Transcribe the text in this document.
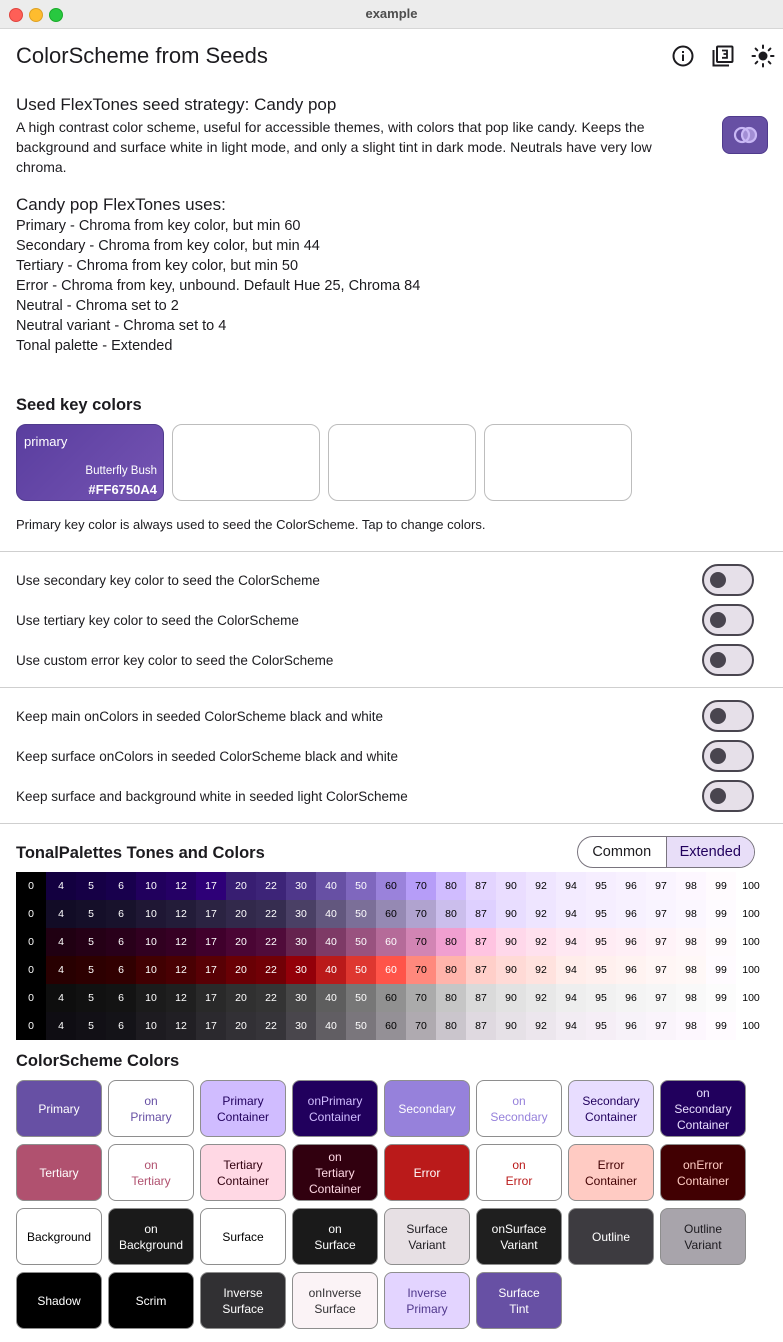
example
ColorScheme from Seeds
Used FlexTones seed strategy: Candy pop
A high contrast color scheme, useful for accessible themes, with colors that pop like candy. Keeps the background and surface white in light mode, and only a slight tint in dark mode. Neutrals have very low chroma.
Candy pop FlexTones uses:
Primary - Chroma from key color, but min 60
Secondary - Chroma from key color, but min 44
Tertiary - Chroma from key color, but min 50
Error - Chroma from key, unbound. Default Hue 25, Chroma 84
Neutral - Chroma set to 2
Neutral variant - Chroma set to 4
Tonal palette - Extended
Seed key colors
primary
Butterfly Bush
#FF6750A4
Primary key color is always used to seed the ColorScheme. Tap to change colors.
Use secondary key color to seed the ColorScheme
Use tertiary key color to seed the ColorScheme
Use custom error key color to seed the ColorScheme
Keep main onColors in seeded ColorScheme black and white
Keep surface onColors in seeded ColorScheme black and white
Keep surface and background white in seeded light ColorScheme
TonalPalettes Tones and Colors	Common	Extended
0	4	5	6	10	12	17	20	22	30	40	50	60	70	80	87	90	92	94	95	96	97	98	99	100
0	4	5	6	10	12	17	20	22	30	40	50	60	70	80	87	90	92	94	95	96	97	98	99	100
0	4	5	6	10	12	17	20	22	30	40	50	60	70	80	87	90	92	94	95	96	97	98	99	100
0	4	5	6	10	12	17	20	22	30	40	50	60	70	80	87	90	92	94	95	96	97	98	99	100
0	4	5	6	10	12	17	20	22	30	40	50	60	70	80	87	90	92	94	95	96	97	98	99	100
0	4	5	6	10	12	17	20	22	30	40	50	60	70	80	87	90	92	94	95	96	97	98	99	100
ColorScheme Colors
Primary
on
Primary
Primary
Container
onPrimary
Container
Secondary
on
Secondary
Secondary
Container
on
Secondary
Container
Tertiary
on
Tertiary
Tertiary
Container
on
Tertiary
Container
Error
on
Error
Error
Container
onError
Container
Background
on
Background
Surface
on
Surface
Surface
Variant
onSurface
Variant
Outline
Outline
Variant
Shadow	Scrim
Inverse
Surface
onInverse
Surface
Inverse
Primary
Surface
Tint
